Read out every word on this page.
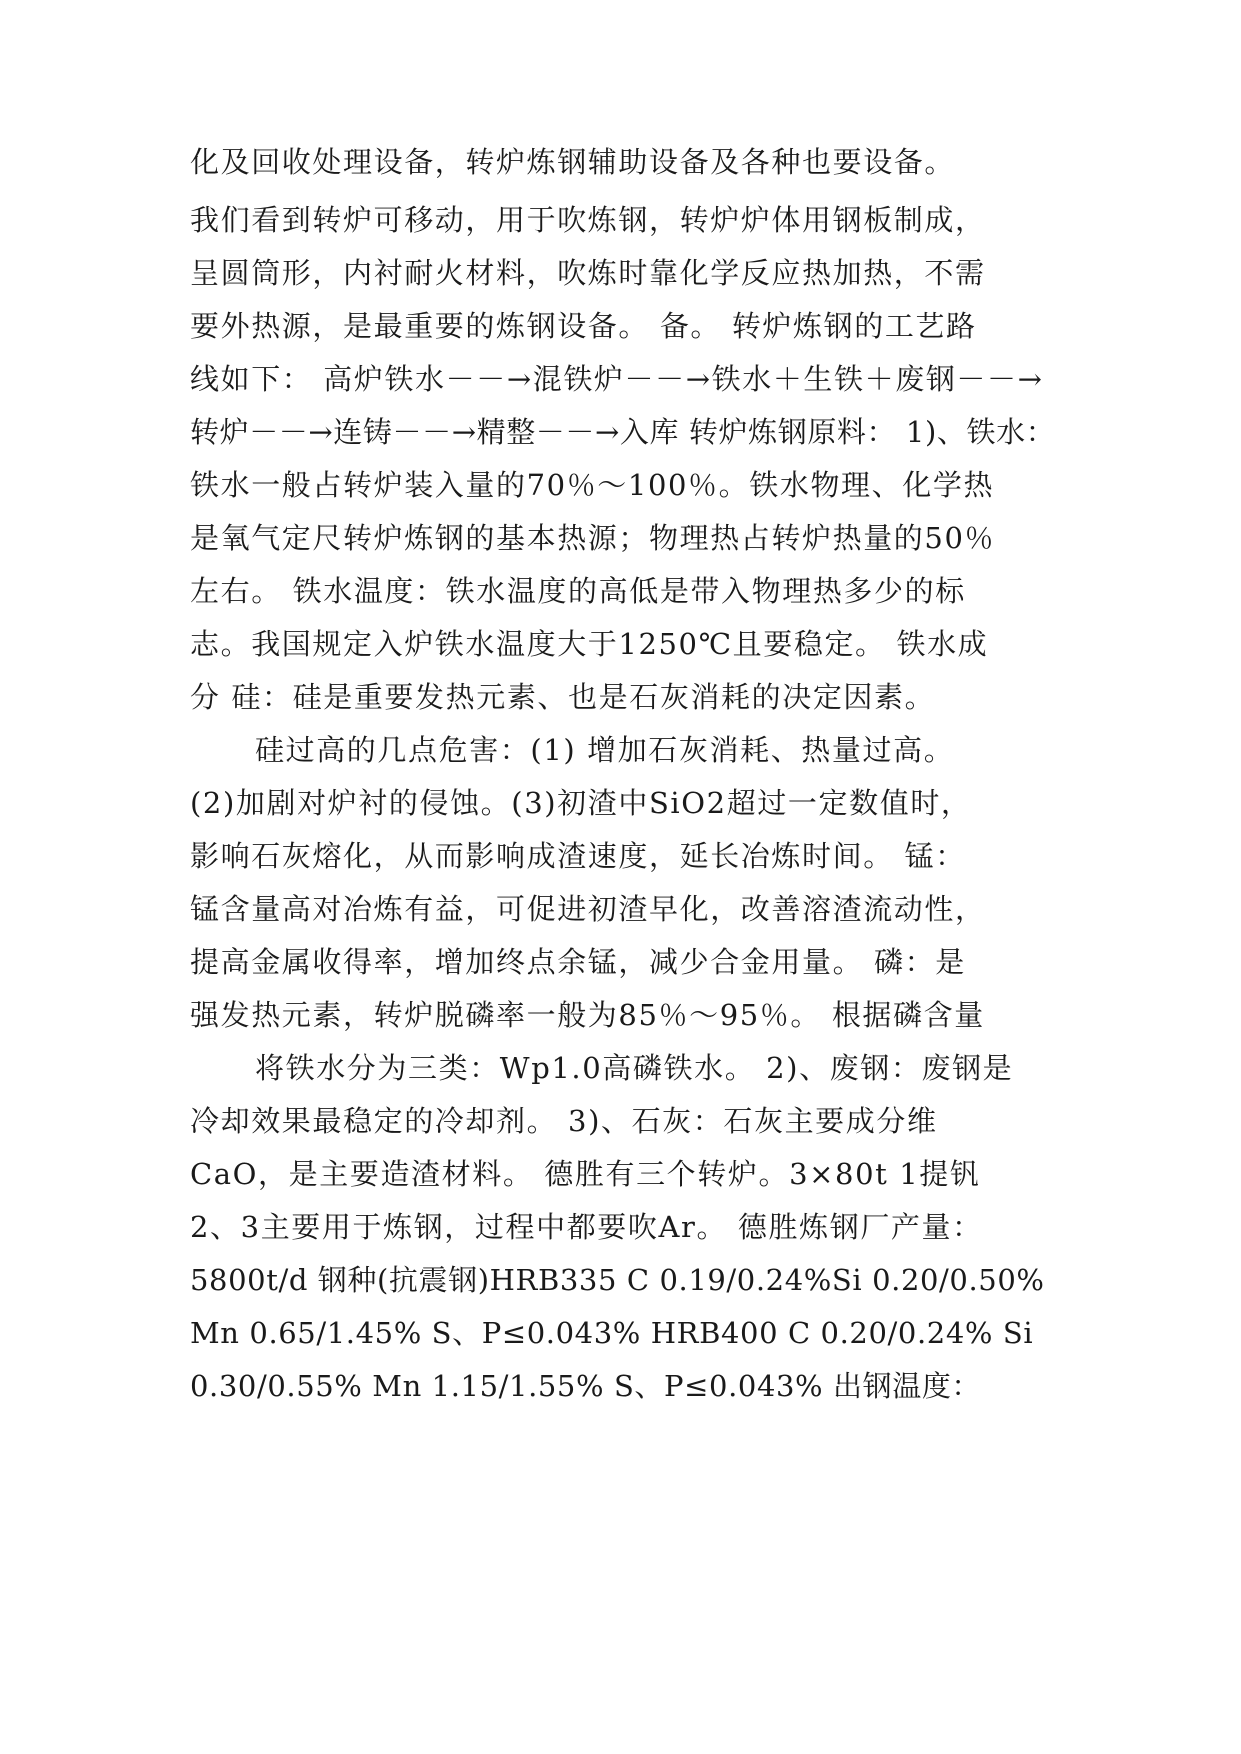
化及回收处理设备，转炉炼钢辅助设备及各种也要设备。
我们看到转炉可移动，用于吹炼钢，转炉炉体用钢板制成，
呈圆筒形，内衬耐火材料，吹炼时靠化学反应热加热，不需
要外热源，是最重要的炼钢设备。 备。 转炉炼钢的工艺路
线如下： 高炉铁水－－→混铁炉－－→铁水＋生铁＋废钢－－→
转炉－－→连铸－－→精整－－→入库 转炉炼钢原料： 1)、铁水：
铁水一般占转炉装入量的70％～100％。铁水物理、化学热
是氧气定尺转炉炼钢的基本热源；物理热占转炉热量的50％
左右。 铁水温度：铁水温度的高低是带入物理热多少的标
志。我国规定入炉铁水温度大于1250℃且要稳定。 铁水成
分 硅：硅是重要发热元素、也是石灰消耗的决定因素。
硅过高的几点危害：(1) 增加石灰消耗、热量过高。
(2)加剧对炉衬的侵蚀。(3)初渣中SiO2超过一定数值时，
影响石灰熔化，从而影响成渣速度，延长冶炼时间。 锰：
锰含量高对冶炼有益，可促进初渣早化，改善溶渣流动性，
提高金属收得率，增加终点余锰，减少合金用量。 磷：是
强发热元素，转炉脱磷率一般为85％～95％。 根据磷含量
将铁水分为三类：Wp1.0高磷铁水。 2)、废钢：废钢是
冷却效果最稳定的冷却剂。 3)、石灰：石灰主要成分维
CaO，是主要造渣材料。 德胜有三个转炉。3×80t 1提钒
2、3主要用于炼钢，过程中都要吹Ar。 德胜炼钢厂产量：
5800t/d 钢种(抗震钢)HRB335 C 0.19/0.24%Si 0.20/0.50%
Mn 0.65/1.45% S、P≤0.043% HRB400 C 0.20/0.24% Si
0.30/0.55% Mn 1.15/1.55% S、P≤0.043% 出钢温度：
